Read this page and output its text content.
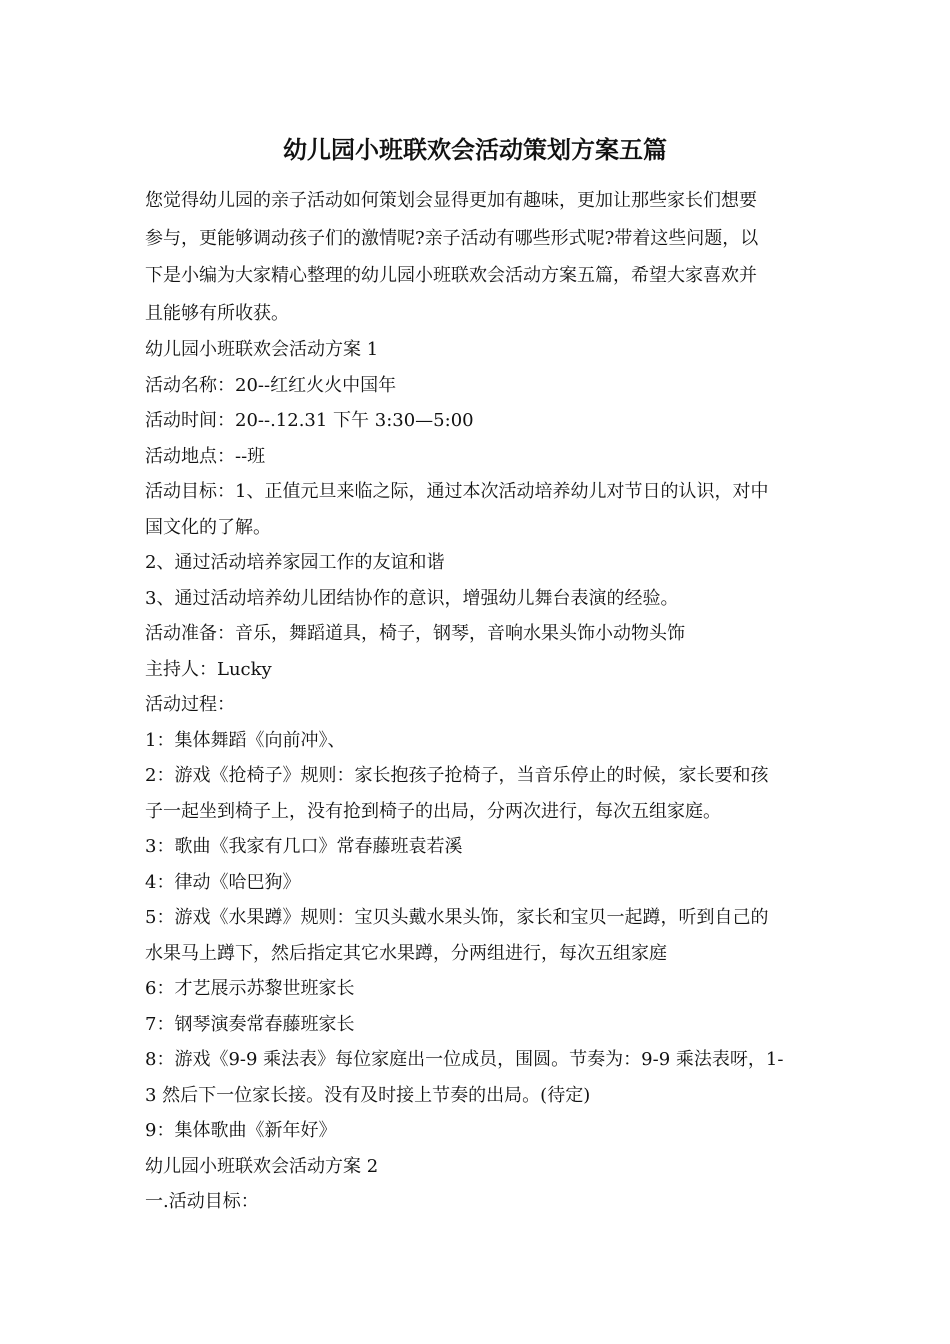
幼儿园小班联欢会活动策划方案五篇
您觉得幼儿园的亲子活动如何策划会显得更加有趣味，更加让那些家长们想要
参与，更能够调动孩子们的激情呢?亲子活动有哪些形式呢?带着这些问题，以
下是小编为大家精心整理的幼儿园小班联欢会活动方案五篇，希望大家喜欢并
且能够有所收获。
幼儿园小班联欢会活动方案 1
活动名称：20--红红火火中国年
活动时间：20--.12.31 下午 3:30—5:00
活动地点：--班
活动目标：1、正值元旦来临之际，通过本次活动培养幼儿对节日的认识，对中
国文化的了解。
2、通过活动培养家园工作的友谊和谐
3、通过活动培养幼儿团结协作的意识，增强幼儿舞台表演的经验。
活动准备：音乐，舞蹈道具，椅子，钢琴，音响水果头饰小动物头饰
主持人：Lucky
活动过程：
1：集体舞蹈《向前冲》、
2：游戏《抢椅子》规则：家长抱孩子抢椅子，当音乐停止的时候，家长要和孩
子一起坐到椅子上，没有抢到椅子的出局，分两次进行，每次五组家庭。
3：歌曲《我家有几口》常春藤班袁若溪
4：律动《哈巴狗》
5：游戏《水果蹲》规则：宝贝头戴水果头饰，家长和宝贝一起蹲，听到自己的
水果马上蹲下，然后指定其它水果蹲，分两组进行，每次五组家庭
6：才艺展示苏黎世班家长
7：钢琴演奏常春藤班家长
8：游戏《9-9 乘法表》每位家庭出一位成员，围圆。节奏为：9-9 乘法表呀，1-
3 然后下一位家长接。没有及时接上节奏的出局。(待定)
9：集体歌曲《新年好》
幼儿园小班联欢会活动方案 2
一.活动目标：
